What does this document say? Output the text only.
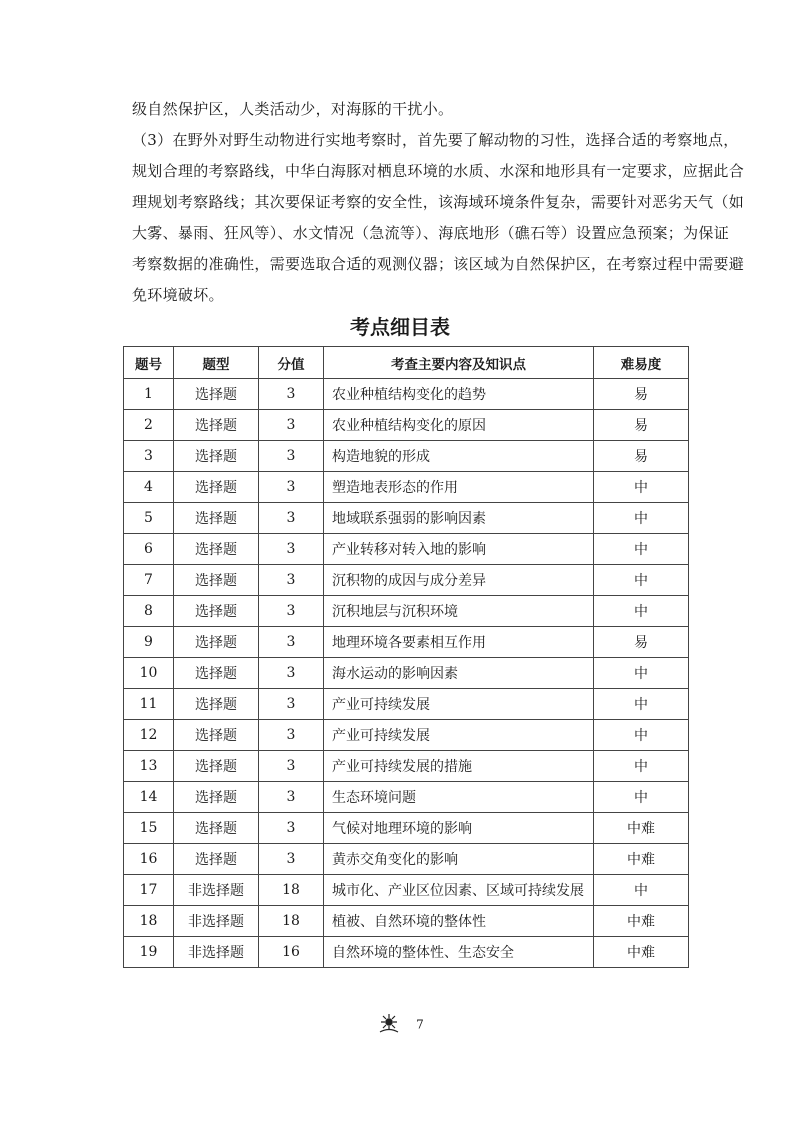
级自然保护区，人类活动少，对海豚的干扰小。
（3）在野外对野生动物进行实地考察时，首先要了解动物的习性，选择合适的考察地点，
规划合理的考察路线，中华白海豚对栖息环境的水质、水深和地形具有一定要求，应据此合
理规划考察路线；其次要保证考察的安全性，该海域环境条件复杂，需要针对恶劣天气（如
大雾、暴雨、狂风等）、水文情况（急流等）、海底地形（礁石等）设置应急预案；为保证
考察数据的准确性，需要选取合适的观测仪器；该区域为自然保护区，在考察过程中需要避
免环境破坏。
考点细目表
题号	题型	分值	考查主要内容及知识点	难易度
1	选择题	3	农业种植结构变化的趋势	易
2	选择题	3	农业种植结构变化的原因	易
3	选择题	3	构造地貌的形成	易
4	选择题	3	塑造地表形态的作用	中
5	选择题	3	地域联系强弱的影响因素	中
6	选择题	3	产业转移对转入地的影响	中
7	选择题	3	沉积物的成因与成分差异	中
8	选择题	3	沉积地层与沉积环境	中
9	选择题	3	地理环境各要素相互作用	易
10	选择题	3	海水运动的影响因素	中
11	选择题	3	产业可持续发展	中
12	选择题	3	产业可持续发展	中
13	选择题	3	产业可持续发展的措施	中
14	选择题	3	生态环境问题	中
15	选择题	3	气候对地理环境的影响	中难
16	选择题	3	黄赤交角变化的影响	中难
17	非选择题	18	城市化、产业区位因素、区域可持续发展	中
18	非选择题	18	植被、自然环境的整体性	中难
19	非选择题	16	自然环境的整体性、生态安全	中难
7
